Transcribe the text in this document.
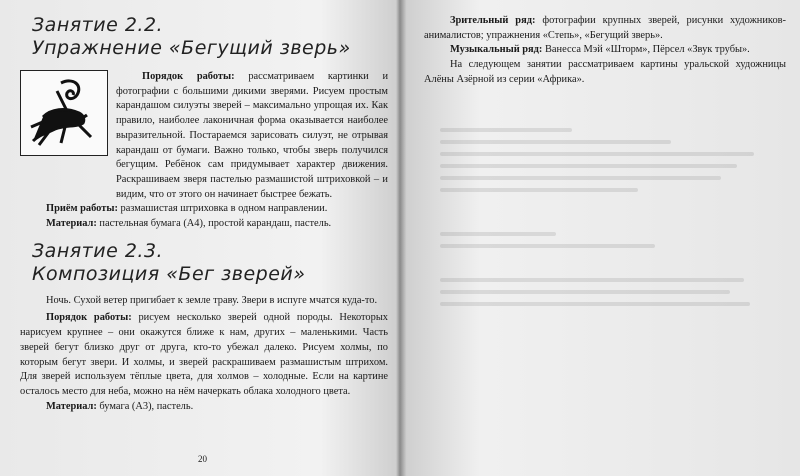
Занятие 2.2.
Упражнение «Бегущий зверь»

Порядок работы: рассматриваем картинки и фотографии с большими дикими зверями. Рисуем простым карандашом силуэты зверей – максимально упрощая их. Как правило, наиболее лаконичная форма оказывается наиболее выразительной. Постараемся зарисовать силуэт, не отрывая карандаш от бумаги. Важно только, чтобы зверь получился бегущим. Ребёнок сам придумывает характер движения. Раскрашиваем зверя пастелью размашистой штриховкой – и видим, что от этого он начинает быстрее бежать.

Приём работы: размашистая штриховка в одном направлении.

Материал: пастельная бумага (А4), простой карандаш, пастель.

Занятие 2.3.
Композиция «Бег зверей»

Ночь. Сухой ветер пригибает к земле траву. Звери в испуге мчатся куда-то.

Порядок работы: рисуем несколько зверей одной породы. Некоторых нарисуем крупнее – они окажутся ближе к нам, других – маленькими. Часть зверей бегут близко друг от друга, кто-то убежал далеко. Рисуем холмы, по которым бегут звери. И холмы, и зверей раскрашиваем размашистым штрихом. Для зверей используем тёплые цвета, для холмов – холодные. Если на картине осталось место для неба, можно на нём начеркать облака холодного цвета.

Материал: бумага (А3), пастель.

20

Зрительный ряд: фотографии крупных зверей, рисунки художников-анималистов; упражнения «Степь», «Бегущий зверь».

Музыкальный ряд: Ванесса Мэй «Шторм», Пёрсел «Звук трубы».

На следующем занятии рассматриваем картины уральской художницы Алёны Азёрной из серии «Африка».
